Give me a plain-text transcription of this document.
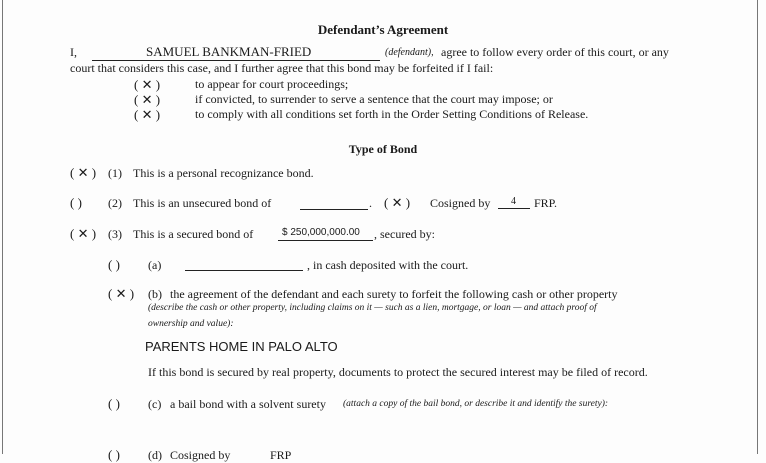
Defendant’s Agreement
I,	SAMUEL BANKMAN-FRIED	(defendant), agree to follow every order of this court, or any
court that considers this case, and I further agree that this bond may be forfeited if I fail:
( ✕ )	to appear for court proceedings;
( ✕ )	if convicted, to surrender to serve a sentence that the court may impose; or
( ✕ )	to comply with all conditions set forth in the Order Setting Conditions of Release.
Type of Bond
( ✕ ) (1) This is a personal recognizance bond.
( ) (2) This is an unsecured bond of	. ( ✕ ) Cosigned by 4 FRP.
( ✕ ) (3) This is a secured bond of	$ 250,000,000.00 , secured by:
( ) (a)	, in cash deposited with the court.
( ✕ ) (b) the agreement of the defendant and each surety to forfeit the following cash or other property
(describe the cash or other property, including claims on it — such as a lien, mortgage, or loan — and attach proof of
ownership and value):
PARENTS HOME IN PALO ALTO
If this bond is secured by real property, documents to protect the secured interest may be filed of record.
( ) (c) a bail bond with a solvent surety (attach a copy of the bail bond, or describe it and identify the surety):
( ) (d) Cosigned by	FRP
